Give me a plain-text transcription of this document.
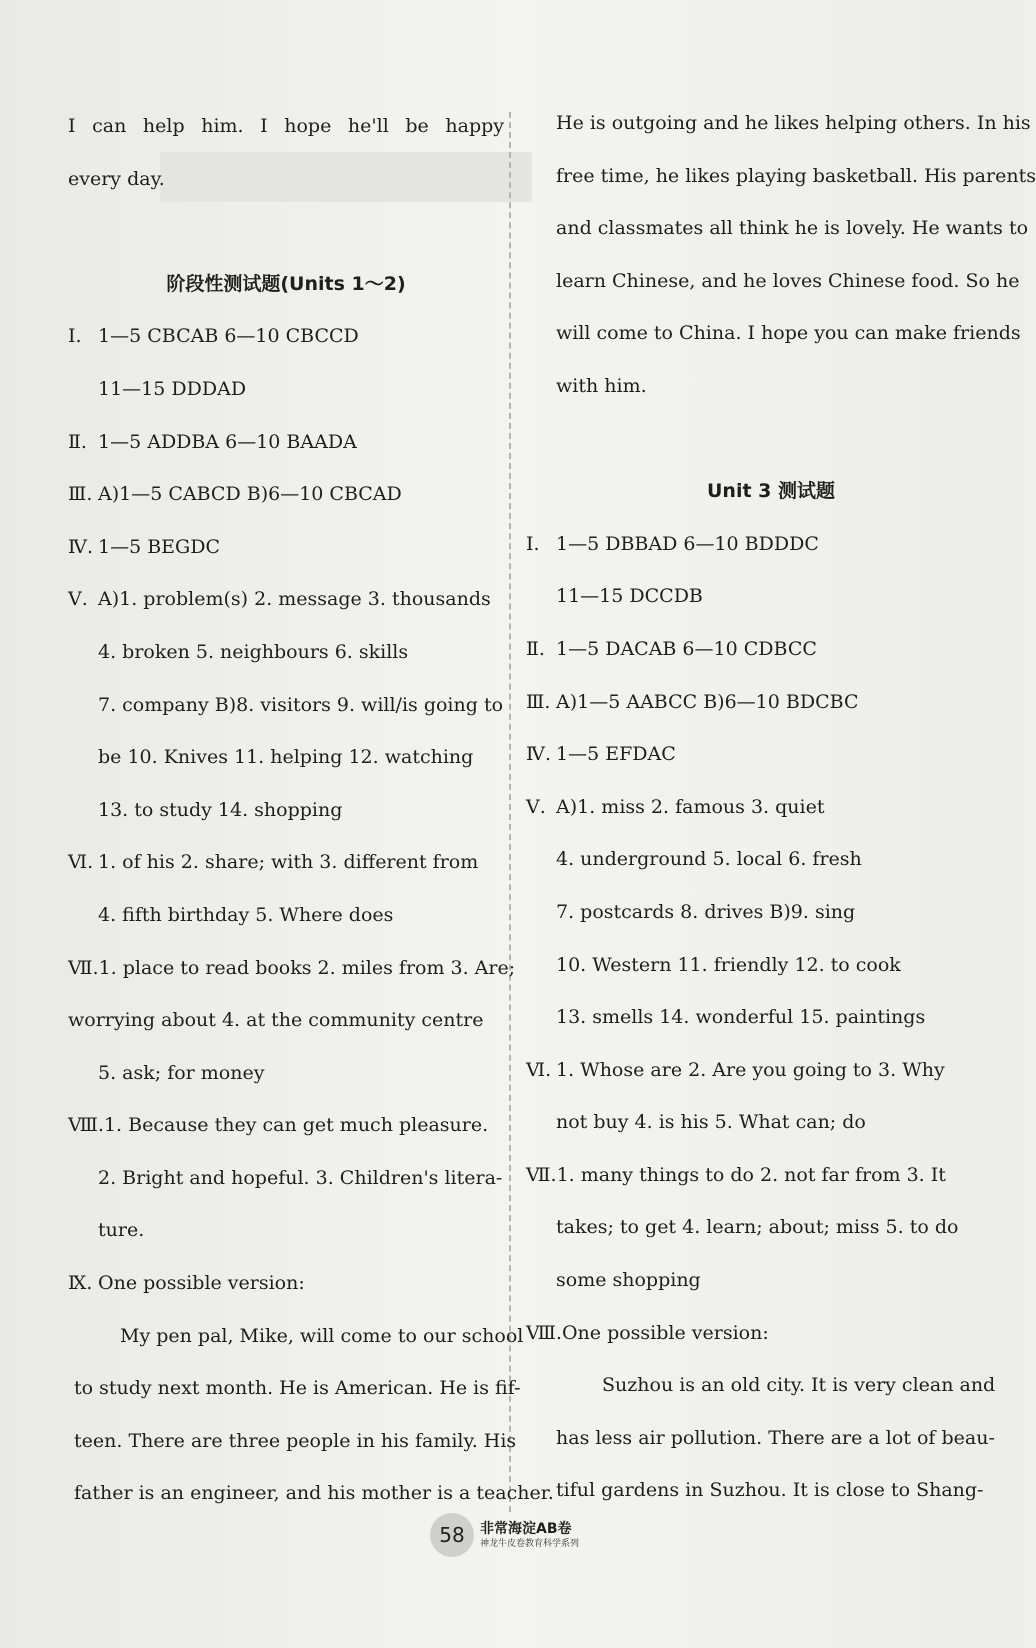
I can help him. I hope he'll be happy
every day.
阶段性测试题(Units 1～2)
Ⅰ. 1—5 CBCAB 6—10 CBCCD
11—15 DDDAD
Ⅱ. 1—5 ADDBA 6—10 BAADA
Ⅲ. A)1—5 CABCD B)6—10 CBCAD
Ⅳ. 1—5 BEGDC
Ⅴ. A)1. problem(s) 2. message 3. thousands
4. broken 5. neighbours 6. skills
7. company B)8. visitors 9. will/is going to
be 10. Knives 11. helping 12. watching
13. to study 14. shopping
Ⅵ. 1. of his 2. share; with 3. different from
4. fifth birthday 5. Where does
Ⅶ.1. place to read books 2. miles from 3. Are;
worrying about 4. at the community centre
5. ask; for money
Ⅷ.1. Because they can get much pleasure.
2. Bright and hopeful. 3. Children's litera-
ture.
Ⅸ. One possible version:
My pen pal, Mike, will come to our school
to study next month. He is American. He is fif-
teen. There are three people in his family. His
father is an engineer, and his mother is a teacher.
He is outgoing and he likes helping others. In his
free time, he likes playing basketball. His parents
and classmates all think he is lovely. He wants to
learn Chinese, and he loves Chinese food. So he
will come to China. I hope you can make friends
with him.
Unit 3 测试题
Ⅰ. 1—5 DBBAD 6—10 BDDDC
11—15 DCCDB
Ⅱ. 1—5 DACAB 6—10 CDBCC
Ⅲ. A)1—5 AABCC B)6—10 BDCBC
Ⅳ. 1—5 EFDAC
Ⅴ. A)1. miss 2. famous 3. quiet
4. underground 5. local 6. fresh
7. postcards 8. drives B)9. sing
10. Western 11. friendly 12. to cook
13. smells 14. wonderful 15. paintings
Ⅵ. 1. Whose are 2. Are you going to 3. Why
not buy 4. is his 5. What can; do
Ⅶ.1. many things to do 2. not far from 3. It
takes; to get 4. learn; about; miss 5. to do
some shopping
Ⅷ.One possible version:
Suzhou is an old city. It is very clean and
has less air pollution. There are a lot of beau-
tiful gardens in Suzhou. It is close to Shang-
58	非常海淀AB卷
神龙牛皮卷教育科学系列
